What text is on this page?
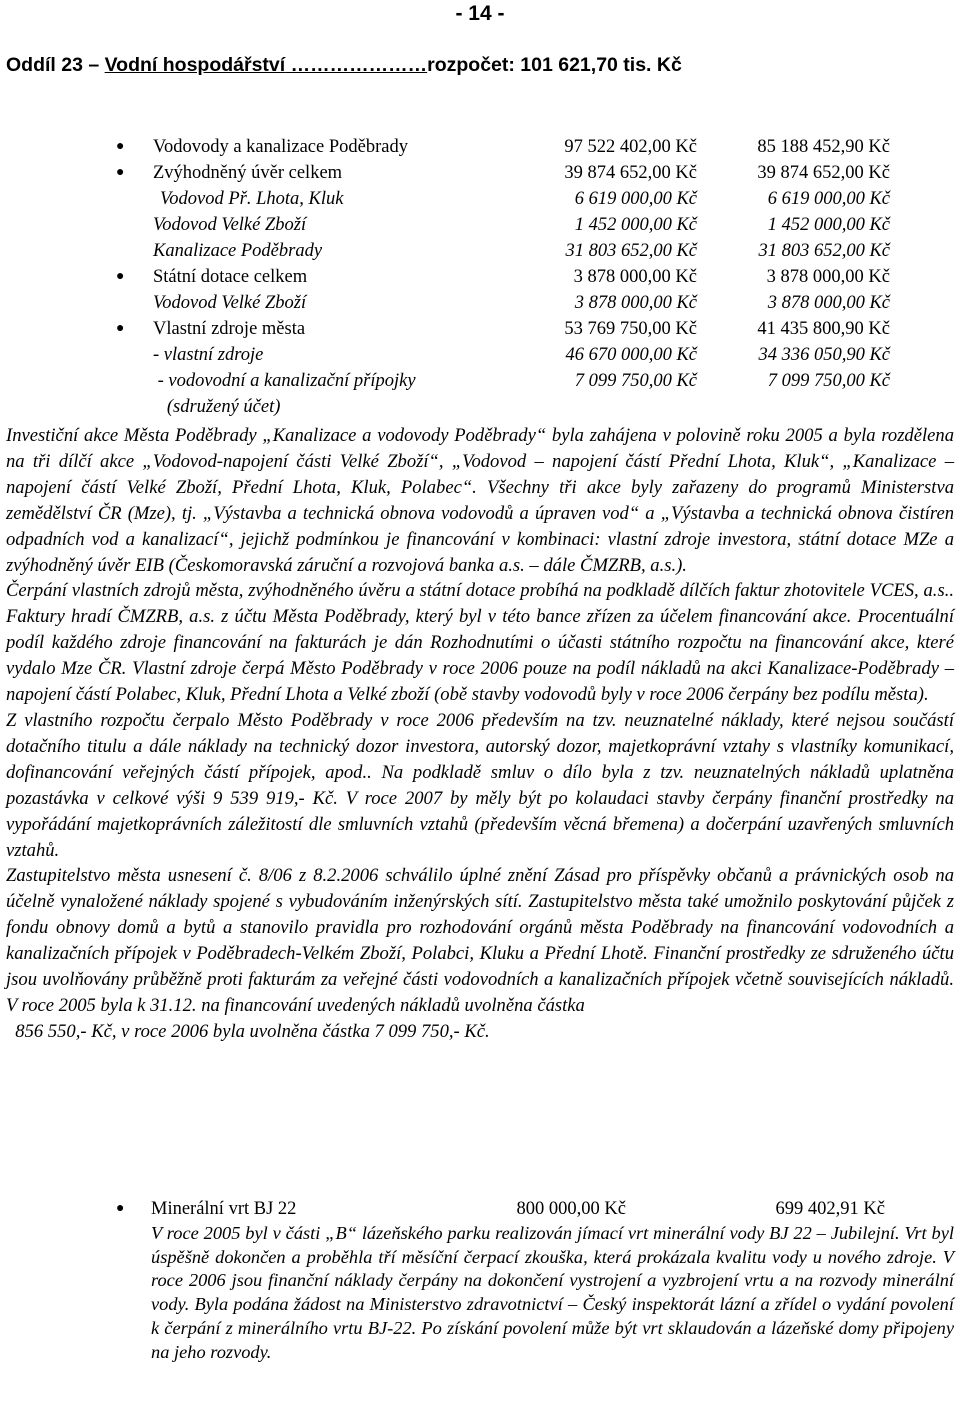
- 14 -
Oddíl 23 – Vodní hospodářství …………………rozpočet: 101 621,70 tis. Kč
● Vodovody a kanalizace Poděbrady	97 522 402,00 Kč	85 188 452,90 Kč
● Zvýhodněný úvěr celkem	39 874 652,00 Kč	39 874 652,00 Kč
Vodovod Př. Lhota, Kluk	6 619 000,00 Kč	6 619 000,00 Kč
Vodovod Velké Zboží	1 452 000,00 Kč	1 452 000,00 Kč
Kanalizace Poděbrady	31 803 652,00 Kč	31 803 652,00 Kč
● Státní dotace celkem	3 878 000,00 Kč	3 878 000,00 Kč
Vodovod Velké Zboží	3 878 000,00 Kč	3 878 000,00 Kč
● Vlastní zdroje města	53 769 750,00 Kč	41 435 800,90 Kč
- vlastní zdroje	46 670 000,00 Kč	34 336 050,90 Kč
- vodovodní a kanalizační přípojky	7 099 750,00 Kč	7 099 750,00 Kč
(sdružený účet)

Investiční akce Města Poděbrady „Kanalizace a vodovody Poděbrady“ byla zahájena v polovině roku 2005 a byla rozdělena na tři dílčí akce „Vodovod-napojení části Velké Zboží“, „Vodovod – napojení částí Přední Lhota, Kluk“, „Kanalizace – napojení částí Velké Zboží, Přední Lhota, Kluk, Polabec“. Všechny tři akce byly zařazeny do programů Ministerstva zemědělství ČR (Mze), tj. „Výstavba a technická obnova vodovodů a úpraven vod“ a „Výstavba a technická obnova čistíren odpadních vod a kanalizací“, jejichž podmínkou je financování v kombinaci: vlastní zdroje investora, státní dotace MZe a zvýhodněný úvěr EIB (Českomoravská záruční a rozvojová banka a.s. – dále ČMZRB, a.s.).

Čerpání vlastních zdrojů města, zvýhodněného úvěru a státní dotace probíhá na podkladě dílčích faktur zhotovitele VCES, a.s.. Faktury hradí ČMZRB, a.s. z účtu Města Poděbrady, který byl v této bance zřízen za účelem financování akce. Procentuální podíl každého zdroje financování na fakturách je dán Rozhodnutími o účasti státního rozpočtu na financování akce, které vydalo Mze ČR. Vlastní zdroje čerpá Město Poděbrady v roce 2006 pouze na podíl nákladů na akci Kanalizace-Poděbrady – napojení částí Polabec, Kluk, Přední Lhota a Velké zboží (obě stavby vodovodů byly v roce 2006 čerpány bez podílu města).

Z vlastního rozpočtu čerpalo Město Poděbrady v roce 2006 především na tzv. neuznatelné náklady, které nejsou součástí dotačního titulu a dále náklady na technický dozor investora, autorský dozor, majetkoprávní vztahy s vlastníky komunikací, dofinancování veřejných částí přípojek, apod.. Na podkladě smluv o dílo byla z tzv. neuznatelných nákladů uplatněna pozastávka v celkové výši 9 539 919,- Kč. V roce 2007 by měly být po kolaudaci stavby čerpány finanční prostředky na vypořádání majetkoprávních záležitostí dle smluvních vztahů (především věcná břemena) a dočerpání uzavřených smluvních vztahů.

Zastupitelstvo města usnesení č. 8/06 z 8.2.2006 schválilo úplné znění Zásad pro příspěvky občanů a právnických osob na účelně vynaložené náklady spojené s vybudováním inženýrských sítí. Zastupitelstvo města také umožnilo poskytování půjček z fondu obnovy domů a bytů a stanovilo pravidla pro rozhodování orgánů města Poděbrady na financování vodovodních a kanalizačních přípojek v Poděbradech-Velkém Zboží, Polabci, Kluku a Přední Lhotě. Finanční prostředky ze sdruženého účtu jsou uvolňovány průběžně proti fakturám za veřejné části vodovodních a kanalizačních přípojek včetně souvisejících nákladů. V roce 2005 byla k 31.12. na financování uvedených nákladů uvolněna částka

856 550,- Kč, v roce 2006 byla uvolněna částka 7 099 750,- Kč.

● Minerální vrt BJ 22	800 000,00 Kč	699 402,91 Kč
V roce 2005 byl v části „B“ lázeňského parku realizován jímací vrt minerální vody BJ 22 – Jubilejní. Vrt byl úspěšně dokončen a proběhla tří měsíční čerpací zkouška, která prokázala kvalitu vody u nového zdroje. V roce 2006 jsou finanční náklady čerpány na dokončení vystrojení a vyzbrojení vrtu a na rozvody minerální vody. Byla podána žádost na Ministerstvo zdravotnictví – Český inspektorát lázní a zřídel o vydání povolení k čerpání z minerálního vrtu BJ-22. Po získání povolení může být vrt sklaudován a lázeňské domy připojeny na jeho rozvody.
